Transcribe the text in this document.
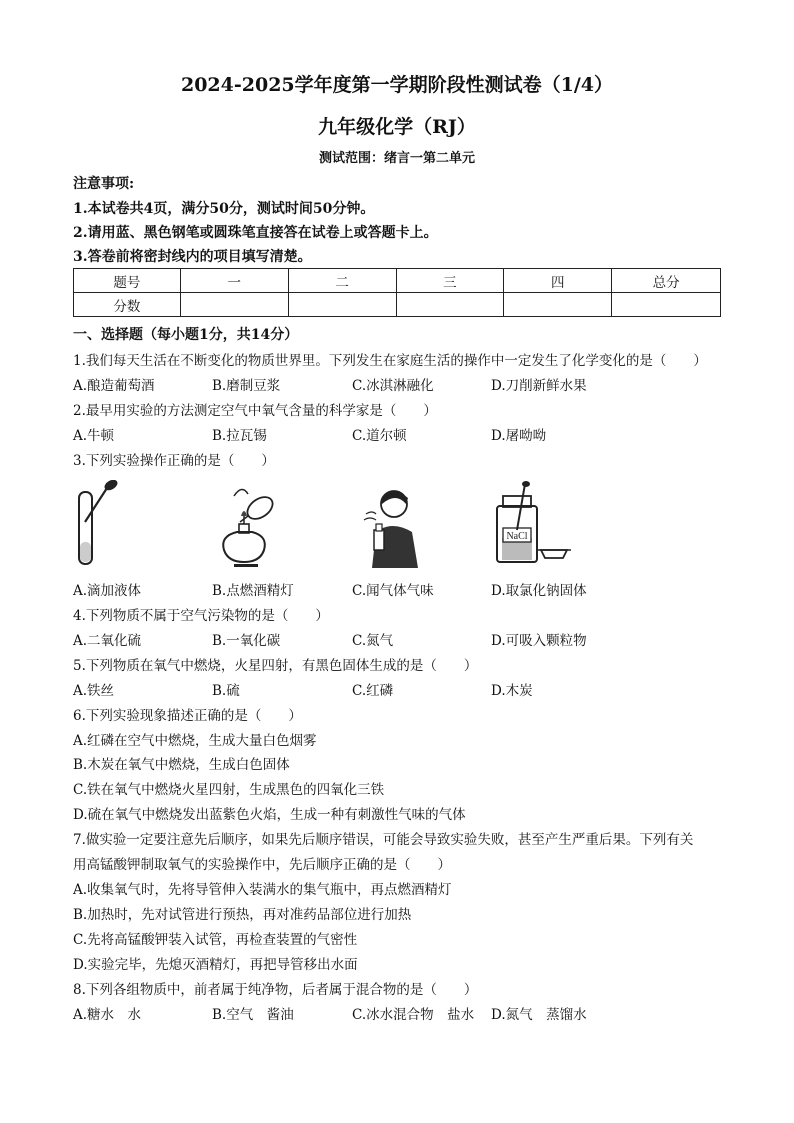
2024-2025学年度第一学期阶段性测试卷（1/4）
九年级化学（RJ）
测试范围：绪言一第二单元
注意事项:
1.本试卷共4页，满分50分，测试时间50分钟。
2.请用蓝、黑色钢笔或圆珠笔直接答在试卷上或答题卡上。
3.答卷前将密封线内的项目填写清楚。
题号	一	二	三	四	总分
分数					
一、选择题（每小题1分，共14分）
1.我们每天生活在不断变化的物质世界里。下列发生在家庭生活的操作中一定发生了化学变化的是（　　）
A.酿造葡萄酒	B.磨制豆浆	C.冰淇淋融化	D.刀削新鲜水果
2.最早用实验的方法测定空气中氧气含量的科学家是（　　）
A.牛顿	B.拉瓦锡	C.道尔顿	D.屠呦呦
3.下列实验操作正确的是（　　）
NaCl
A.滴加液体	B.点燃酒精灯	C.闻气体气味	D.取氯化钠固体
4.下列物质不属于空气污染物的是（　　）
A.二氧化硫	B.一氧化碳	C.氮气	D.可吸入颗粒物
5.下列物质在氧气中燃烧，火星四射，有黑色固体生成的是（　　）
A.铁丝	B.硫	C.红磷	D.木炭
6.下列实验现象描述正确的是（　　）
A.红磷在空气中燃烧，生成大量白色烟雾
B.木炭在氧气中燃烧，生成白色固体
C.铁在氧气中燃烧火星四射，生成黑色的四氧化三铁
D.硫在氧气中燃烧发出蓝紫色火焰，生成一种有刺激性气味的气体
7.做实验一定要注意先后顺序，如果先后顺序错误，可能会导致实验失败，甚至产生严重后果。下列有关
用高锰酸钾制取氧气的实验操作中，先后顺序正确的是（　　）
A.收集氧气时，先将导管伸入装满水的集气瓶中，再点燃酒精灯
B.加热时，先对试管进行预热，再对准药品部位进行加热
C.先将高锰酸钾装入试管，再检查装置的气密性
D.实验完毕，先熄灭酒精灯，再把导管移出水面
8.下列各组物质中，前者属于纯净物，后者属于混合物的是（　　）
A.糖水　水	B.空气　酱油	C.冰水混合物　盐水 D.氮气　蒸馏水
